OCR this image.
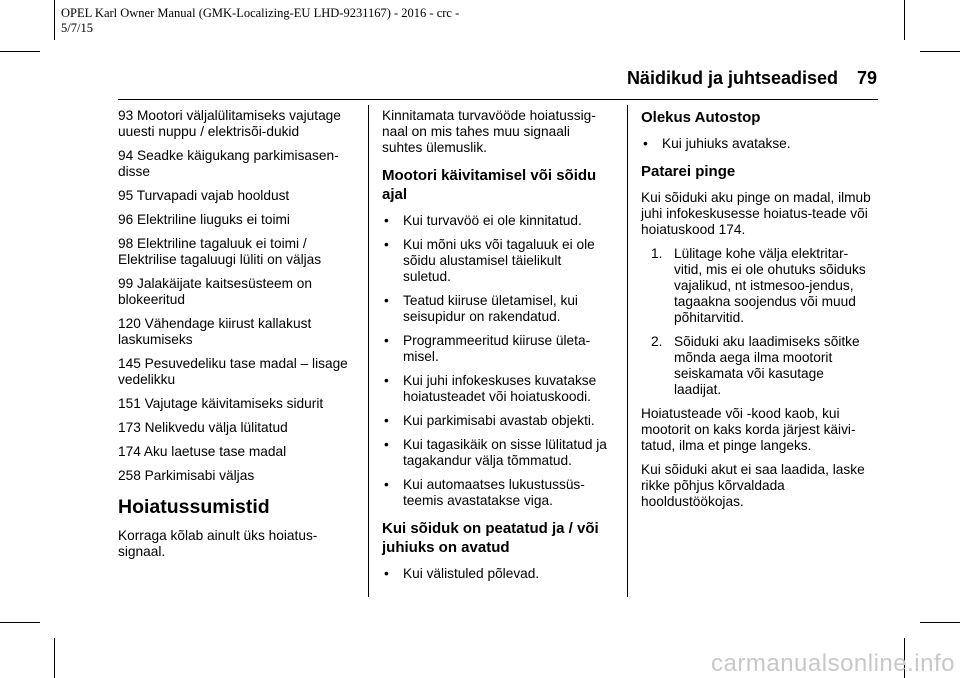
OPEL Karl Owner Manual (GMK-Localizing-EU LHD-9231167) - 2016 - crc -
5/7/15
Näidikud ja juhtseadised	79

93 Mootori väljalülitamiseks vajutage uuesti nuppu / elektrisõi-dukid

94 Seadke käigukang parkimisasen-disse

95 Turvapadi vajab hooldust

96 Elektriline liuguks ei toimi

98 Elektriline tagaluuk ei toimi / Elektrilise tagaluugi lüliti on väljas

99 Jalakäijate kaitsesüsteem on blokeeritud

120 Vähendage kiirust kallakust laskumiseks

145 Pesuvedeliku tase madal – lisage vedelikku

151 Vajutage käivitamiseks sidurit

173 Nelikvedu välja lülitatud

174 Aku laetuse tase madal

258 Parkimisabi väljas

Hoiatussumistid

Korraga kõlab ainult üks hoiatus-signaal.

Kinnitamata turvavööde hoiatussig-naal on mis tahes muu signaali suhtes ülemuslik.

Mootori käivitamisel või sõidu ajal
• Kui turvavöö ei ole kinnitatud.
• Kui mõni uks või tagaluuk ei ole sõidu alustamisel täielikult suletud.
• Teatud kiiruse ületamisel, kui seisupidur on rakendatud.
• Programmeeritud kiiruse ületa-misel.
• Kui juhi infokeskuses kuvatakse hoiatusteadet või hoiatuskoodi.
• Kui parkimisabi avastab objekti.
• Kui tagasikäik on sisse lülitatud ja tagakandur välja tõmmatud.
• Kui automaatses lukustussüs-teemis avastatakse viga.
Kui sõiduk on peatatud ja / või juhiuks on avatud
• Kui välistuled põlevad.
Olekus Autostop
• Kui juhiuks avatakse.
Patarei pinge

Kui sõiduki aku pinge on madal, ilmub juhi infokeskusesse hoiatus-teade või hoiatuskood 174.

1. Lülitage kohe välja elektritar-vitid, mis ei ole ohutuks sõiduks vajalikud, nt istmesoo-jendus, tagaakna soojendus või muud põhitarvitid.
2. Sõiduki aku laadimiseks sõitke mõnda aega ilma mootorit seiskamata või kasutage laadijat.

Hoiatusteade või -kood kaob, kui mootorit on kaks korda järjest käivi-tatud, ilma et pinge langeks.

Kui sõiduki akut ei saa laadida, laske rikke põhjus kõrvaldada hooldustöökojas.

carmanualsonline.info
